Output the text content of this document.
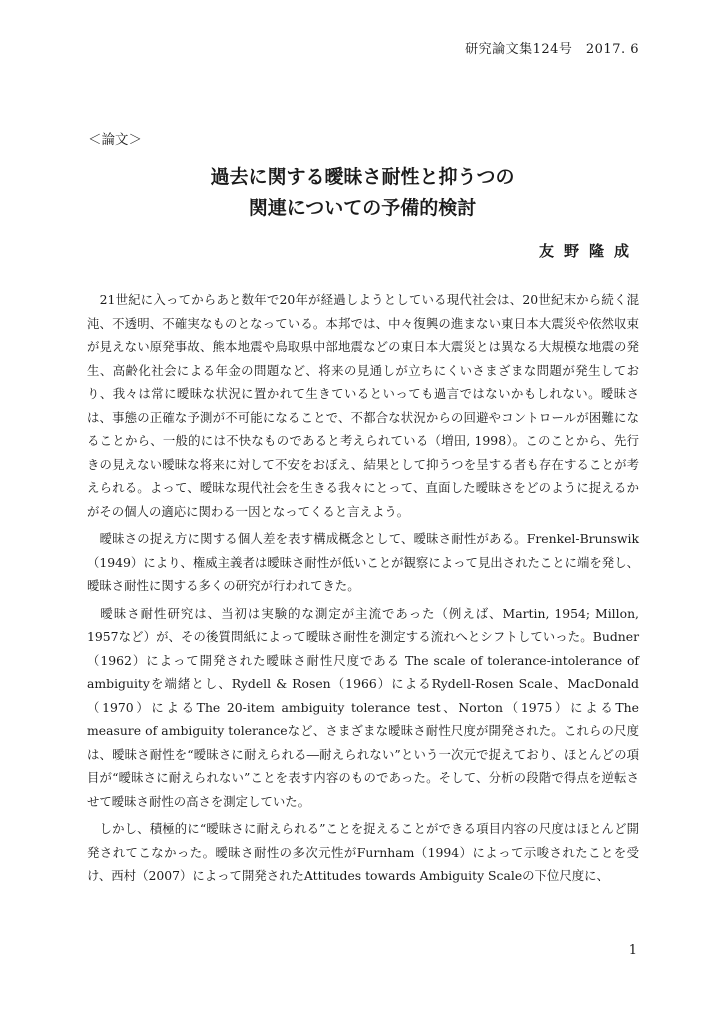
研究論文集124号　2017. 6
＜論文＞
過去に関する曖昧さ耐性と抑うつの
関連についての予備的検討
友野隆成

　21世紀に入ってからあと数年で20年が経過しようとしている現代社会は、20世紀末から続く混沌、不透明、不確実なものとなっている。本邦では、中々復興の進まない東日本大震災や依然収束が見えない原発事故、熊本地震や鳥取県中部地震などの東日本大震災とは異なる大規模な地震の発生、高齢化社会による年金の問題など、将来の見通しが立ちにくいさまざまな問題が発生しており、我々は常に曖昧な状況に置かれて生きているといっても過言ではないかもしれない。曖昧さは、事態の正確な予測が不可能になることで、不都合な状況からの回避やコントロールが困難になることから、一般的には不快なものであると考えられている（増田, 1998）。このことから、先行きの見えない曖昧な将来に対して不安をおぼえ、結果として抑うつを呈する者も存在することが考えられる。よって、曖昧な現代社会を生きる我々にとって、直面した曖昧さをどのように捉えるかがその個人の適応に関わる一因となってくると言えよう。

　曖昧さの捉え方に関する個人差を表す構成概念として、曖昧さ耐性がある。Frenkel-Brunswik（1949）により、権威主義者は曖昧さ耐性が低いことが観察によって見出されたことに端を発し、曖昧さ耐性に関する多くの研究が行われてきた。

　曖昧さ耐性研究は、当初は実験的な測定が主流であった（例えば、Martin, 1954; Millon, 1957など）が、その後質問紙によって曖昧さ耐性を測定する流れへとシフトしていった。Budner（1962）によって開発された曖昧さ耐性尺度である The scale of tolerance-intolerance of ambiguityを端緒とし、Rydell & Rosen（1966）によるRydell-Rosen Scale、MacDonald（1970）によるThe 20-item ambiguity tolerance test、Norton（1975）によるThe measure of ambiguity toleranceなど、さまざまな曖昧さ耐性尺度が開発された。これらの尺度は、曖昧さ耐性を“曖昧さに耐えられる―耐えられない”という一次元で捉えており、ほとんどの項目が“曖昧さに耐えられない”ことを表す内容のものであった。そして、分析の段階で得点を逆転させて曖昧さ耐性の高さを測定していた。

　しかし、積極的に“曖昧さに耐えられる”ことを捉えることができる項目内容の尺度はほとんど開発されてこなかった。曖昧さ耐性の多次元性がFurnham（1994）によって示唆されたことを受け、西村（2007）によって開発されたAttitudes towards Ambiguity Scaleの下位尺度に、

1
